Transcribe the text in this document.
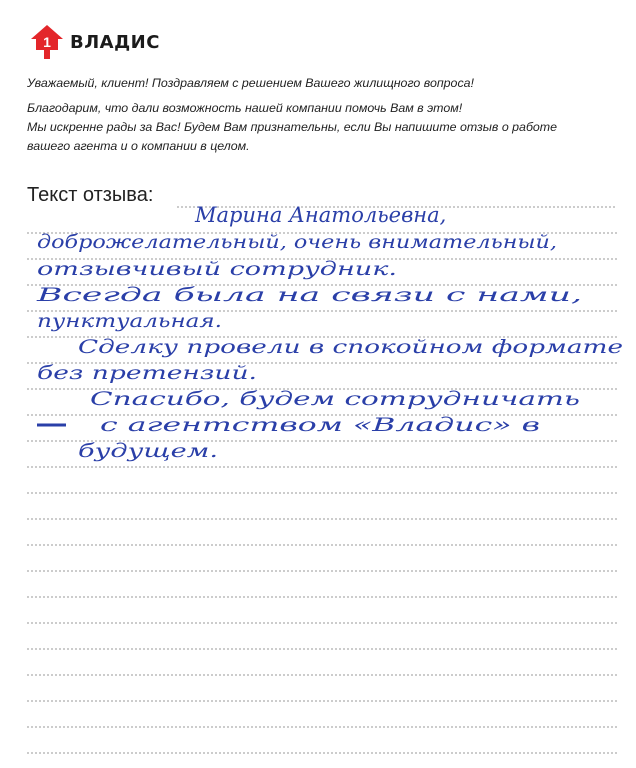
1 ВЛАДИС

Уважаемый, клиент! Поздравляем с решением Вашего жилищного вопроса!

Благодарим, что дали возможность нашей компании помочь Вам в этом!

Мы искренне рады за Вас! Будем Вам признательны, если Вы напишите отзыв о работе

вашего агента и о компании в целом.

Текст отзыва:
Марина Анатольевна,
доброжелательный, очень внимательный,
отзывчивый сотрудник.
Всегда была на связи с нами,
пунктуальная.
Сделку провели в спокойном формате
без претензий.
Спасибо, будем сотрудничать
с агентством «Владис» в
будущем.
